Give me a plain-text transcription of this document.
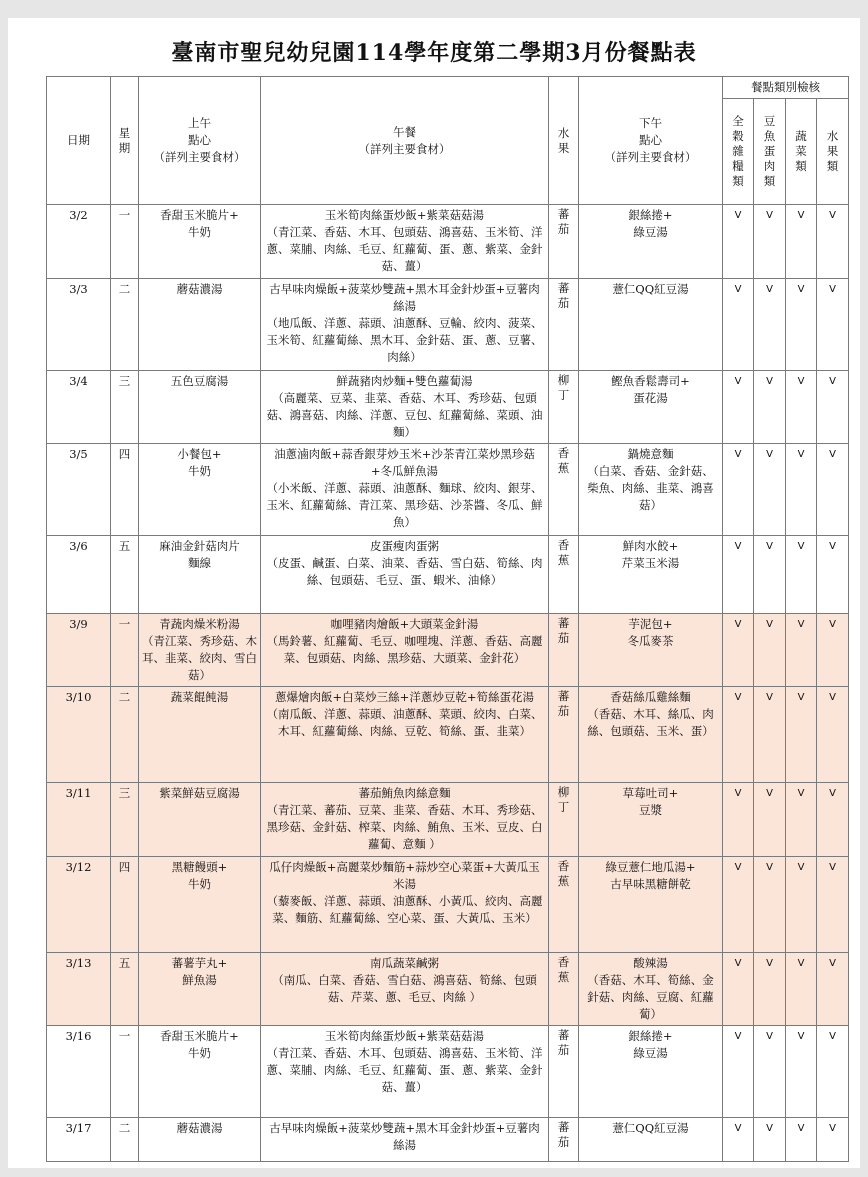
臺南市聖兒幼兒園114學年度第二學期3月份餐點表
日期	星期	上午
點心
（詳列主要食材）	午餐
（詳列主要食材）	水果	下午
點心
（詳列主要食材）	餐點類別檢核			

						全穀雜糧類	豆魚蛋肉類	蔬菜類	水果類

3/2	一	香甜玉米脆片+
牛奶	玉米筍肉絲蛋炒飯+紫菜菇菇湯
（青江菜、香菇、木耳、包頭菇、鴻喜菇、玉米筍、洋蔥、菜脯、肉絲、毛豆、紅蘿蔔、蛋、蔥、紫菜、金針菇、薑）	蕃茄	銀絲捲+
綠豆湯	V	V	V	V
3/3	二	蘑菇濃湯	古早味肉燥飯+菠菜炒雙蔬+黑木耳金針炒蛋+豆薯肉絲湯
（地瓜飯、洋蔥、蒜頭、油蔥酥、豆輪、絞肉、菠菜、玉米筍、紅蘿蔔絲、黑木耳、金針菇、蛋、蔥、豆薯、肉絲）	蕃茄	薏仁QQ紅豆湯	V	V	V	V
3/4	三	五色豆腐湯	鮮蔬豬肉炒麵+雙色蘿蔔湯
（高麗菜、豆菜、韭菜、香菇、木耳、秀珍菇、包頭菇、鴻喜菇、肉絲、洋蔥、豆包、紅蘿蔔絲、菜頭、油麵）	柳丁	鰹魚香鬆壽司+
蛋花湯	V	V	V	V
3/5	四	小餐包+
牛奶	油蔥滷肉飯+蒜香銀芽炒玉米+沙茶青江菜炒黑珍菇+冬瓜鮮魚湯
（小米飯、洋蔥、蒜頭、油蔥酥、麵球、絞肉、銀芽、玉米、紅蘿蔔絲、青江菜、黑珍菇、沙茶醬、冬瓜、鮮魚）	香蕉	鍋燒意麵
（白菜、香菇、金針菇、柴魚、肉絲、韭菜、鴻喜菇）	V	V	V	V
3/6	五	麻油金針菇肉片
麵線	皮蛋瘦肉蛋粥
（皮蛋、鹹蛋、白菜、油菜、香菇、雪白菇、筍絲、肉絲、包頭菇、毛豆、蛋、蝦米、油條）	香蕉	鮮肉水餃+
芹菜玉米湯	V	V	V	V
3/9	一	青蔬肉燥米粉湯
（青江菜、秀珍菇、木耳、韭菜、絞肉、雪白菇）	咖哩豬肉燴飯+大頭菜金針湯
（馬鈴薯、紅蘿蔔、毛豆、咖哩塊、洋蔥、香菇、高麗菜、包頭菇、肉絲、黑珍菇、大頭菜、金針花）	蕃茄	芋泥包+
冬瓜麥茶	V	V	V	V
3/10	二	蔬菜餛飩湯	蔥爆燴肉飯+白菜炒三絲+洋蔥炒豆乾+筍絲蛋花湯
（南瓜飯、洋蔥、蒜頭、油蔥酥、菜頭、絞肉、白菜、木耳、紅蘿蔔絲、肉絲、豆乾、筍絲、蛋、韭菜）	蕃茄	香菇絲瓜雞絲麵
（香菇、木耳、絲瓜、肉絲、包頭菇、玉米、蛋）	V	V	V	V
3/11	三	紫菜鮮菇豆腐湯	蕃茄鮪魚肉絲意麵
（青江菜、蕃茄、豆菜、韭菜、香菇、木耳、秀珍菇、黑珍菇、金針菇、榨菜、肉絲、鮪魚、玉米、豆皮、白蘿蔔、意麵 ）	柳丁	草莓吐司+
豆漿	V	V	V	V
3/12	四	黑糖饅頭+
牛奶	瓜仔肉燥飯+高麗菜炒麵筋+蒜炒空心菜蛋+大黃瓜玉米湯
（藜麥飯、洋蔥、蒜頭、油蔥酥、小黃瓜、絞肉、高麗菜、麵筋、紅蘿蔔絲、空心菜、蛋、大黃瓜、玉米）	香蕉	綠豆薏仁地瓜湯+
古早味黑糖餅乾	V	V	V	V
3/13	五	蕃薯芋丸+
鮮魚湯	南瓜蔬菜鹹粥
（南瓜、白菜、香菇、雪白菇、鴻喜菇、筍絲、包頭菇、芹菜、蔥、毛豆、肉絲 ）	香蕉	酸辣湯
（香菇、木耳、筍絲、金針菇、肉絲、豆腐、紅蘿蔔）	V	V	V	V
3/16	一	香甜玉米脆片+
牛奶	玉米筍肉絲蛋炒飯+紫菜菇菇湯
（青江菜、香菇、木耳、包頭菇、鴻喜菇、玉米筍、洋蔥、菜脯、肉絲、毛豆、紅蘿蔔、蛋、蔥、紫菜、金針菇、薑）	蕃茄	銀絲捲+
綠豆湯	V	V	V	V
3/17	二	蘑菇濃湯	古早味肉燥飯+菠菜炒雙蔬+黑木耳金針炒蛋+豆薯肉絲湯	蕃茄	薏仁QQ紅豆湯	V	V	V	V
